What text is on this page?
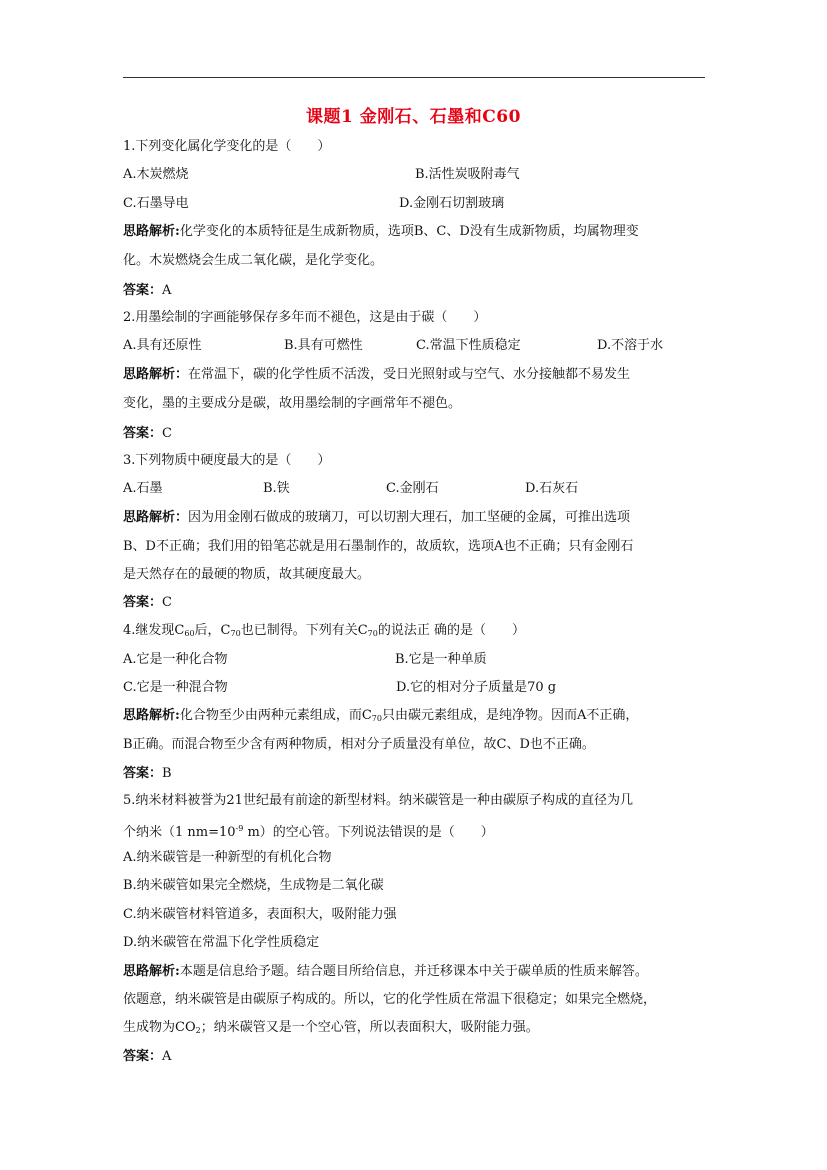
课题1 金刚石、石墨和C60
1.下列变化属化学变化的是（　　）
A.木炭燃烧	B.活性炭吸附毒气
C.石墨导电	D.金刚石切割玻璃
思路解析:化学变化的本质特征是生成新物质，选项B、C、D没有生成新物质，均属物理变
化。木炭燃烧会生成二氧化碳，是化学变化。
答案：A
2.用墨绘制的字画能够保存多年而不褪色，这是由于碳（　　）
A.具有还原性	B.具有可燃性	C.常温下性质稳定	D.不溶于水
思路解析：在常温下，碳的化学性质不活泼，受日光照射或与空气、水分接触都不易发生
变化，墨的主要成分是碳，故用墨绘制的字画常年不褪色。
答案：C
3.下列物质中硬度最大的是（　　）
A.石墨	B.铁	C.金刚石	D.石灰石
思路解析：因为用金刚石做成的玻璃刀，可以切割大理石，加工坚硬的金属，可推出选项
B、D不正确；我们用的铅笔芯就是用石墨制作的，故质软，选项A也不正确；只有金刚石
是天然存在的最硬的物质，故其硬度最大。
答案：C
4.继发现$C_{60}$后，$C_{70}$也已制得。下列有关$C_{70}$的说法正 确的是（　　）
A.它是一种化合物	B.它是一种单质
C.它是一种混合物	D.它的相对分子质量是70 g
思路解析:化合物至少由两种元素组成，而$C_{70}$只由碳元素组成，是纯净物。因而A不正确，
B正确。而混合物至少含有两种物质，相对分子质量没有单位，故C、D也不正确。
答案：B
5.纳米材料被誉为21世纪最有前途的新型材料。纳米碳管是一种由碳原子构成的直径为几
个纳米（1 $nm=10^{-9}$ m）的空心管。下列说法错误的是（　　）
A.纳米碳管是一种新型的有机化合物
B.纳米碳管如果完全燃烧，生成物是二氧化碳
C.纳米碳管材料管道多，表面积大，吸附能力强
D.纳米碳管在常温下化学性质稳定
思路解析:本题是信息给予题。结合题目所给信息，并迁移课本中关于碳单质的性质来解答。
依题意，纳米碳管是由碳原子构成的。所以，它的化学性质在常温下很稳定；如果完全燃烧，
生成物为$CO_2$；纳米碳管又是一个空心管，所以表面积大，吸附能力强。
答案：A
